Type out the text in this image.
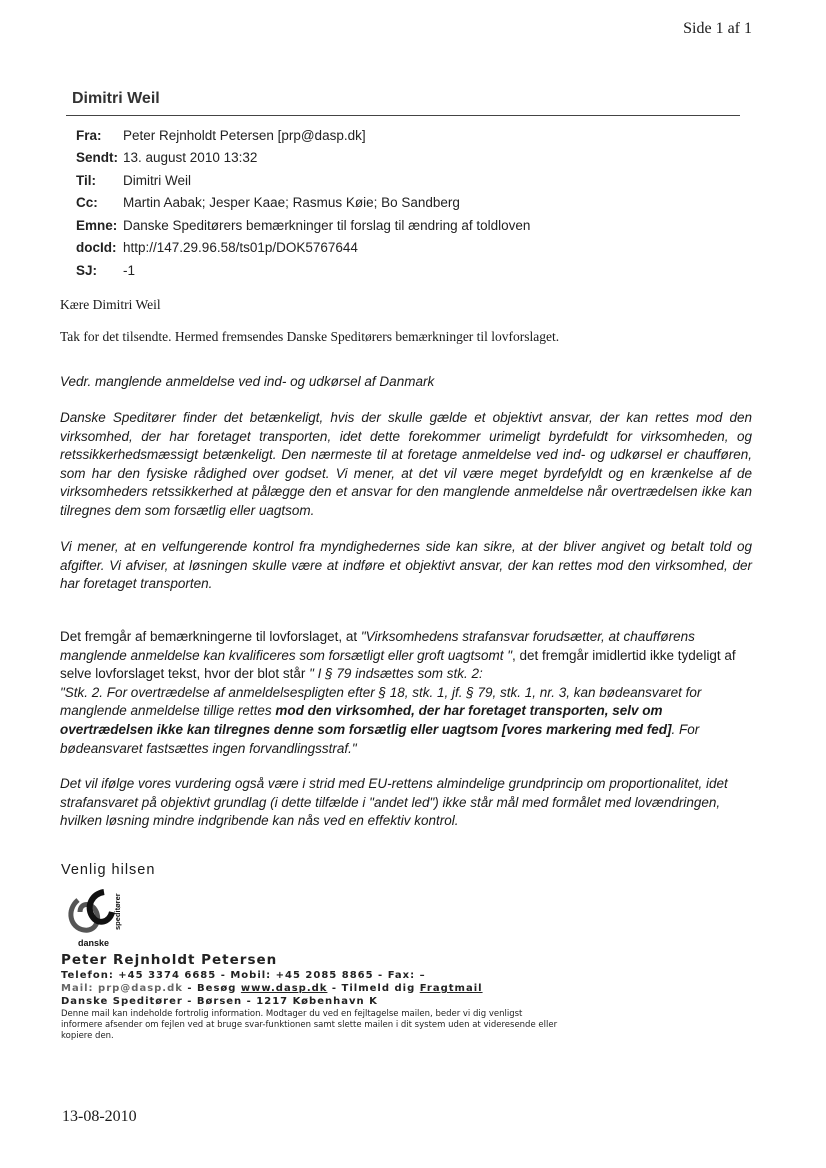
Side 1 af 1
Dimitri Weil
Fra:	Peter Rejnholdt Petersen [prp@dasp.dk]
Sendt: 13. august 2010 13:32
Til:	Dimitri Weil
Cc:	Martin Aabak; Jesper Kaae; Rasmus Køie; Bo Sandberg
Emne: Danske Speditørers bemærkninger til forslag til ændring af toldloven
docId: http://147.29.96.58/ts01p/DOK5767644
SJ:	-1
Kære Dimitri Weil
Tak for det tilsendte. Hermed fremsendes Danske Speditørers bemærkninger til lovforslaget.
Vedr. manglende anmeldelse ved ind- og udkørsel af Danmark
Danske Speditører finder det betænkeligt, hvis der skulle gælde et objektivt ansvar, der kan rettes mod den virksomhed, der har foretaget transporten, idet dette forekommer urimeligt byrdefuldt for virksomheden, og retssikkerhedsmæssigt betænkeligt. Den nærmeste til at foretage anmeldelse ved ind- og udkørsel er chaufføren, som har den fysiske rådighed over godset. Vi mener, at det vil være meget byrdefyldt og en krænkelse af de virksomheders retssikkerhed at pålægge den et ansvar for den manglende anmeldelse når overtrædelsen ikke kan tilregnes dem som forsætlig eller uagtsom.
Vi mener, at en velfungerende kontrol fra myndighedernes side kan sikre, at der bliver angivet og betalt told og afgifter. Vi afviser, at løsningen skulle være at indføre et objektivt ansvar, der kan rettes mod den virksomhed, der har foretaget transporten.
Det fremgår af bemærkningerne til lovforslaget, at "Virksomhedens strafansvar forudsætter, at chaufførens manglende anmeldelse kan kvalificeres som forsætligt eller groft uagtsomt ", det fremgår imidlertid ikke tydeligt af selve lovforslaget tekst, hvor der blot står " I § 79 indsættes som stk. 2:
"Stk. 2. For overtrædelse af anmeldelsespligten efter § 18, stk. 1, jf. § 79, stk. 1, nr. 3, kan bødeansvaret for manglende anmeldelse tillige rettes mod den virksomhed, der har foretaget transporten, selv om overtrædelsen ikke kan tilregnes denne som forsætlig eller uagtsom [vores markering med fed]. For bødeansvaret fastsættes ingen forvandlingsstraf."
Det vil ifølge vores vurdering også være i strid med EU-rettens almindelige grundprincip om proportionalitet, idet strafansvaret på objektivt grundlag (i dette tilfælde i "andet led") ikke står mål med formålet med lovændringen, hvilken løsning mindre indgribende kan nås ved en effektiv kontrol.
Venlig hilsen
speditører
danske
Peter Rejnholdt Petersen
Telefon: +45 3374 6685 - Mobil: +45 2085 8865 - Fax: –
Mail: prp@dasp.dk - Besøg www.dasp.dk - Tilmeld dig Fragtmail
Danske Speditører - Børsen - 1217 København K
Denne mail kan indeholde fortrolig information. Modtager du ved en fejltagelse mailen, beder vi dig venligst informere afsender om fejlen ved at bruge svar-funktionen samt slette mailen i dit system uden at videresende eller kopiere den.
13-08-2010
